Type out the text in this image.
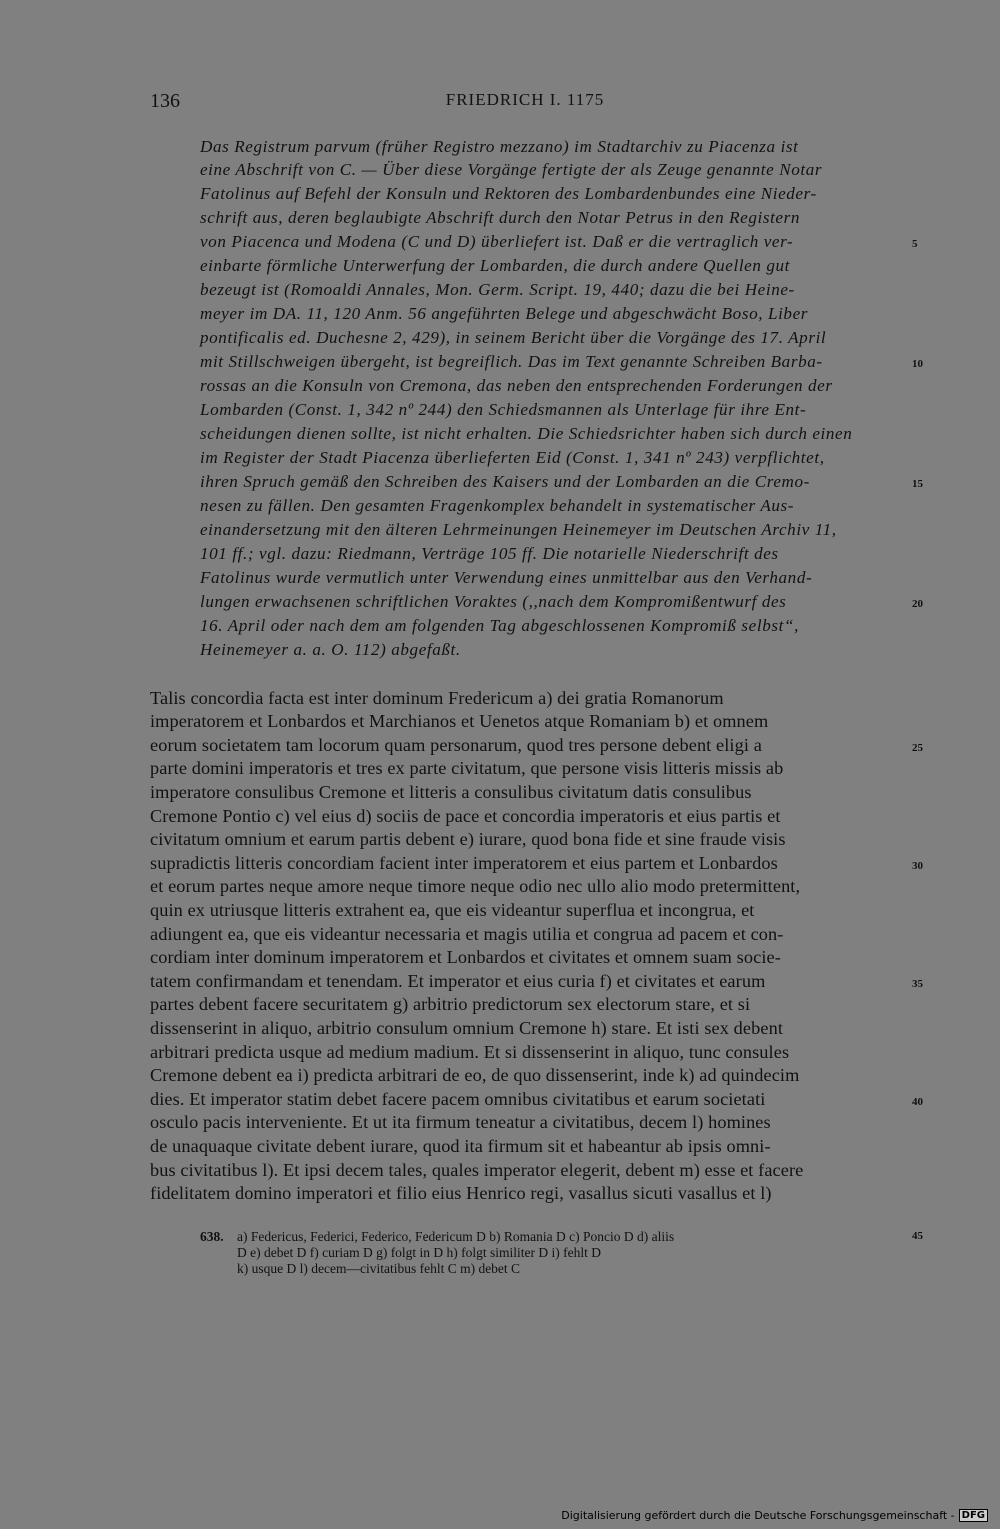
136	FRIEDRICH I. 1175
Das Registrum parvum (früher Registro mezzano) im Stadtarchiv zu Piacenza ist
eine Abschrift von C. — Über diese Vorgänge fertigte der als Zeuge genannte Notar
Fatolinus auf Befehl der Konsuln und Rektoren des Lombardenbundes eine Nieder-
schrift aus, deren beglaubigte Abschrift durch den Notar Petrus in den Registern
von Piacenca und Modena (C und D) überliefert ist. Daß er die vertraglich ver-
einbarte förmliche Unterwerfung der Lombarden, die durch andere Quellen gut
bezeugt ist (Romoaldi Annales, Mon. Germ. Script. 19, 440; dazu die bei Heine-
meyer im DA. 11, 120 Anm. 56 angeführten Belege und abgeschwächt Boso, Liber
pontificalis ed. Duchesne 2, 429), in seinem Bericht über die Vorgänge des 17. April
mit Stillschweigen übergeht, ist begreiflich. Das im Text genannte Schreiben Barba-
rossas an die Konsuln von Cremona, das neben den entsprechenden Forderungen der
Lombarden (Const. 1, 342 nº 244) den Schiedsmannen als Unterlage für ihre Ent-
scheidungen dienen sollte, ist nicht erhalten. Die Schiedsrichter haben sich durch einen
im Register der Stadt Piacenza überlieferten Eid (Const. 1, 341 nº 243) verpflichtet,
ihren Spruch gemäß den Schreiben des Kaisers und der Lombarden an die Cremo-
nesen zu fällen. Den gesamten Fragenkomplex behandelt in systematischer Aus-
einandersetzung mit den älteren Lehrmeinungen Heinemeyer im Deutschen Archiv 11,
101 ff.; vgl. dazu: Riedmann, Verträge 105 ff. Die notarielle Niederschrift des
Fatolinus wurde vermutlich unter Verwendung eines unmittelbar aus den Verhand-
lungen erwachsenen schriftlichen Voraktes (,,nach dem Kompromißentwurf des
16. April oder nach dem am folgenden Tag abgeschlossenen Kompromiß selbst“,
Heinemeyer a. a. O. 112) abgefaßt.
Talis concordia facta est inter dominum Fredericum a) dei gratia Romanorum
imperatorem et Lonbardos et Marchianos et Uenetos atque Romaniam b) et omnem
eorum societatem tam locorum quam personarum, quod tres persone debent eligi a
parte domini imperatoris et tres ex parte civitatum, que persone visis litteris missis ab
imperatore consulibus Cremone et litteris a consulibus civitatum datis consulibus
Cremone Pontio c) vel eius d) sociis de pace et concordia imperatoris et eius partis et
civitatum omnium et earum partis debent e) iurare, quod bona fide et sine fraude visis
supradictis litteris concordiam facient inter imperatorem et eius partem et Lonbardos
et eorum partes neque amore neque timore neque odio nec ullo alio modo pretermittent,
quin ex utriusque litteris extrahent ea, que eis videantur superflua et incongrua, et
adiungent ea, que eis videantur necessaria et magis utilia et congrua ad pacem et con-
cordiam inter dominum imperatorem et Lonbardos et civitates et omnem suam socie-
tatem confirmandam et tenendam. Et imperator et eius curia f) et civitates et earum
partes debent facere securitatem g) arbitrio predictorum sex electorum stare, et si
dissenserint in aliquo, arbitrio consulum omnium Cremone h) stare. Et isti sex debent
arbitrari predicta usque ad medium madium. Et si dissenserint in aliquo, tunc consules
Cremone debent ea i) predicta arbitrari de eo, de quo dissenserint, inde k) ad quindecim
dies. Et imperator statim debet facere pacem omnibus civitatibus et earum societati
osculo pacis interveniente. Et ut ita firmum teneatur a civitatibus, decem l) homines
de unaquaque civitate debent iurare, quod ita firmum sit et habeantur ab ipsis omni-
bus civitatibus l). Et ipsi decem tales, quales imperator elegerit, debent m) esse et facere
fidelitatem domino imperatori et filio eius Henrico regi, vasallus sicuti vasallus et l)
5
10
15
20
25
30
35
40
45
638. a) Federicus, Federici, Federico, Federicum D b) Romania D c) Poncio D d) aliis
D e) debet D f) curiam D g) folgt in D h) folgt similiter D i) fehlt D
k) usque D l) decem—civitatibus fehlt C m) debet C
Digitalisierung gefördert durch die Deutsche Forschungsgemeinschaft - DFG
